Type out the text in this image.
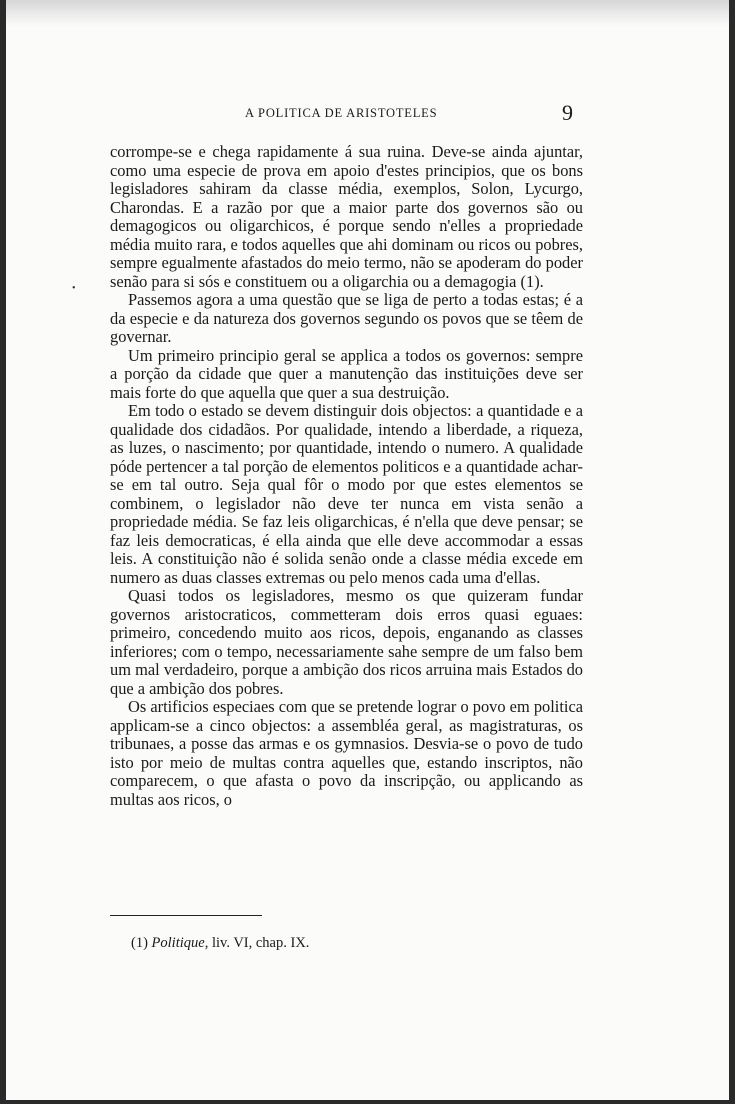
•
A POLITICA DE ARISTOTELES	9

corrompe-se e chega rapidamente á sua ruina. Deve-se ainda ajuntar, como uma especie de prova em apoio d'estes principios, que os bons legisladores sahiram da classe média, exemplos, Solon, Lycurgo, Charondas. E a razão por que a maior parte dos governos são ou demagogicos ou oligarchicos, é porque sendo n'elles a propriedade média muito rara, e todos aquelles que ahi dominam ou ricos ou pobres, sempre egualmente afastados do meio termo, não se apoderam do poder senão para si sós e constituem ou a oligarchia ou a demagogia (1).

Passemos agora a uma questão que se liga de perto a todas estas; é a da especie e da natureza dos governos segundo os povos que se têem de governar.

Um primeiro principio geral se applica a todos os governos: sempre a porção da cidade que quer a manutenção das instituições deve ser mais forte do que aquella que quer a sua destruição.

Em todo o estado se devem distinguir dois objectos: a quantidade e a qualidade dos cidadãos. Por qualidade, intendo a liberdade, a riqueza, as luzes, o nascimento; por quantidade, intendo o numero. A qualidade póde pertencer a tal porção de elementos politicos e a quantidade achar-se em tal outro. Seja qual fôr o modo por que estes elementos se combinem, o legislador não deve ter nunca em vista senão a propriedade média. Se faz leis oligarchicas, é n'ella que deve pensar; se faz leis democraticas, é ella ainda que elle deve accommodar a essas leis. A constituição não é solida senão onde a classe média excede em numero as duas classes extremas ou pelo menos cada uma d'ellas.

Quasi todos os legisladores, mesmo os que quizeram fundar governos aristocraticos, commetteram dois erros quasi eguaes: primeiro, concedendo muito aos ricos, depois, enganando as classes inferiores; com o tempo, necessariamente sahe sempre de um falso bem um mal verdadeiro, porque a ambição dos ricos arruina mais Estados do que a ambição dos pobres.

Os artificios especiaes com que se pretende lograr o povo em politica applicam-se a cinco objectos: a assembléa geral, as magistraturas, os tribunaes, a posse das armas e os gymnasios. Desvia-se o povo de tudo isto por meio de multas contra aquelles que, estando inscriptos, não comparecem, o que afasta o povo da inscripção, ou applicando as multas aos ricos, o

(1) Politique, liv. VI, chap. IX.
